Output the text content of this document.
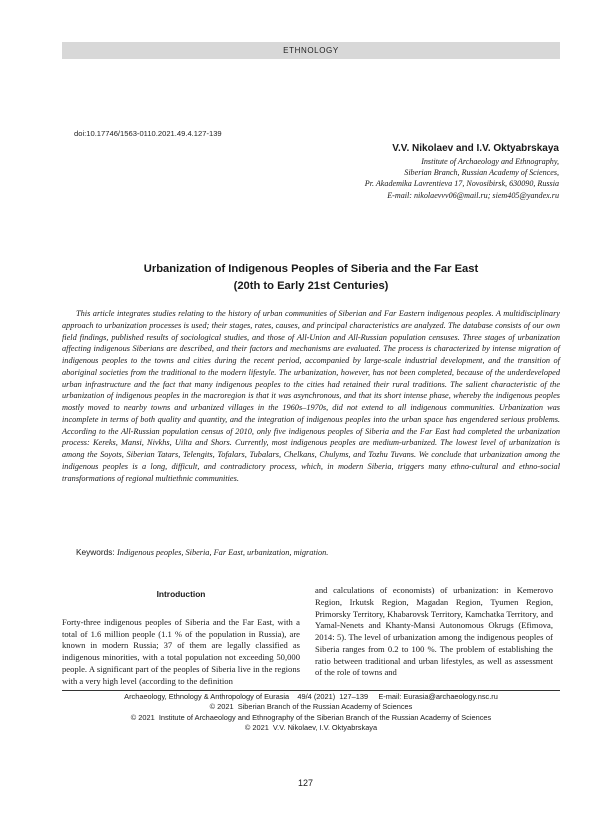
ETHNOLOGY
doi:10.17746/1563-0110.2021.49.4.127-139
V.V. Nikolaev and I.V. Oktyabrskaya
Institute of Archaeology and Ethnography,
Siberian Branch, Russian Academy of Sciences,
Pr. Akademika Lavrentieva 17, Novosibirsk, 630090, Russia
E-mail: nikolaevvv06@mail.ru; siem405@yandex.ru
Urbanization of Indigenous Peoples of Siberia and the Far East
(20th to Early 21st Centuries)
This article integrates studies relating to the history of urban communities of Siberian and Far Eastern indigenous peoples. A multidisciplinary approach to urbanization processes is used; their stages, rates, causes, and principal characteristics are analyzed. The database consists of our own field findings, published results of sociological studies, and those of All-Union and All-Russian population censuses. Three stages of urbanization affecting indigenous Siberians are described, and their factors and mechanisms are evaluated. The process is characterized by intense migration of indigenous peoples to the towns and cities during the recent period, accompanied by large-scale industrial development, and the transition of aboriginal societies from the traditional to the modern lifestyle. The urbanization, however, has not been completed, because of the underdeveloped urban infrastructure and the fact that many indigenous peoples to the cities had retained their rural traditions. The salient characteristic of the urbanization of indigenous peoples in the macroregion is that it was asynchronous, and that its short intense phase, whereby the indigenous peoples mostly moved to nearby towns and urbanized villages in the 1960s–1970s, did not extend to all indigenous communities. Urbanization was incomplete in terms of both quality and quantity, and the integration of indigenous peoples into the urban space has engendered serious problems. According to the All-Russian population census of 2010, only five indigenous peoples of Siberia and the Far East had completed the urbanization process: Kereks, Mansi, Nivkhs, Uilta and Shors. Currently, most indigenous peoples are medium-urbanized. The lowest level of urbanization is among the Soyots, Siberian Tatars, Telengits, Tofalars, Tubalars, Chelkans, Chulyms, and Tozhu Tuvans. We conclude that urbanization among the indigenous peoples is a long, difficult, and contradictory process, which, in modern Siberia, triggers many ethno-cultural and ethno-social transformations of regional multiethnic communities.
Keywords: Indigenous peoples, Siberia, Far East, urbanization, migration.
Introduction

Forty-three indigenous peoples of Siberia and the Far East, with a total of 1.6 million people (1.1 % of the population in Russia), are known in modern Russia; 37 of them are legally classified as indigenous minorities, with a total population not exceeding 50,000 people. A significant part of the peoples of Siberia live in the regions with a very high level (according to the definition

and calculations of economists) of urbanization: in Kemerovo Region, Irkutsk Region, Magadan Region, Tyumen Region, Primorsky Territory, Khabarovsk Territory, Kamchatka Territory, and Yamal-Nenets and Khanty-Mansi Autonomous Okrugs (Efimova, 2014: 5). The level of urbanization among the indigenous peoples of Siberia ranges from 0.2 to 100 %. The problem of establishing the ratio between traditional and urban lifestyles, as well as assessment of the role of towns and

Archaeology, Ethnology & Anthropology of Eurasia    49/4 (2021)  127–139     E-mail: Eurasia@archaeology.nsc.ru
© 2021  Siberian Branch of the Russian Academy of Sciences
© 2021  Institute of Archaeology and Ethnography of the Siberian Branch of the Russian Academy of Sciences
© 2021  V.V. Nikolaev, I.V. Oktyabrskaya
127
